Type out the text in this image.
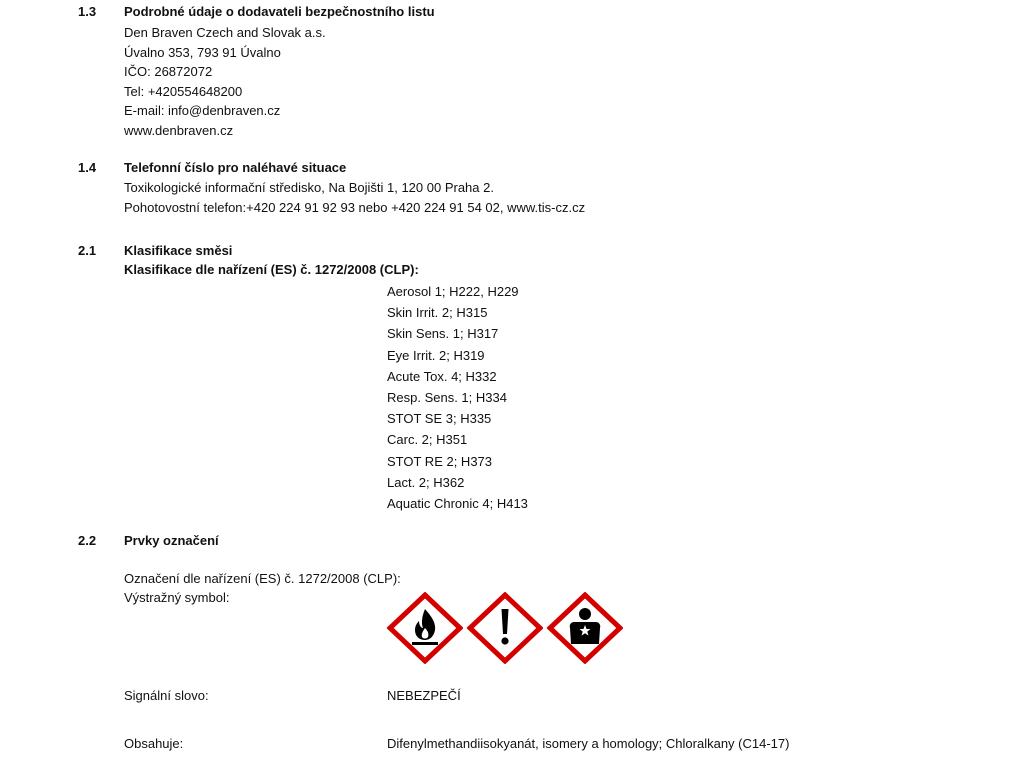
1.3 Podrobné údaje o dodavateli bezpečnostního listu
Den Braven Czech and Slovak a.s.
Úvalno 353, 793 91 Úvalno
IČO: 26872072
Tel: +420554648200
E-mail: info@denbraven.cz
www.denbraven.cz
1.4 Telefonní číslo pro naléhavé situace
Toxikologické informační středisko, Na Bojišti 1, 120 00 Praha 2.
Pohotovostní telefon:+420 224 91 92 93 nebo +420 224 91 54 02, www.tis-cz.cz
2.1 Klasifikace směsi
Klasifikace dle nařízení (ES) č. 1272/2008 (CLP):
Aerosol 1; H222, H229
Skin Irrit. 2; H315
Skin Sens. 1; H317
Eye Irrit. 2; H319
Acute Tox. 4; H332
Resp. Sens. 1; H334
STOT SE 3; H335
Carc. 2; H351
STOT RE 2; H373
Lact. 2; H362
Aquatic Chronic 4; H413
2.2 Prvky označení
Označení dle nařízení (ES) č. 1272/2008 (CLP):
Výstražný symbol:
Signální slovo:	NEBEZPEČÍ
Obsahuje:	Difenylmethandiisokyanát, isomery a homology; Chloralkany (C14-17)
